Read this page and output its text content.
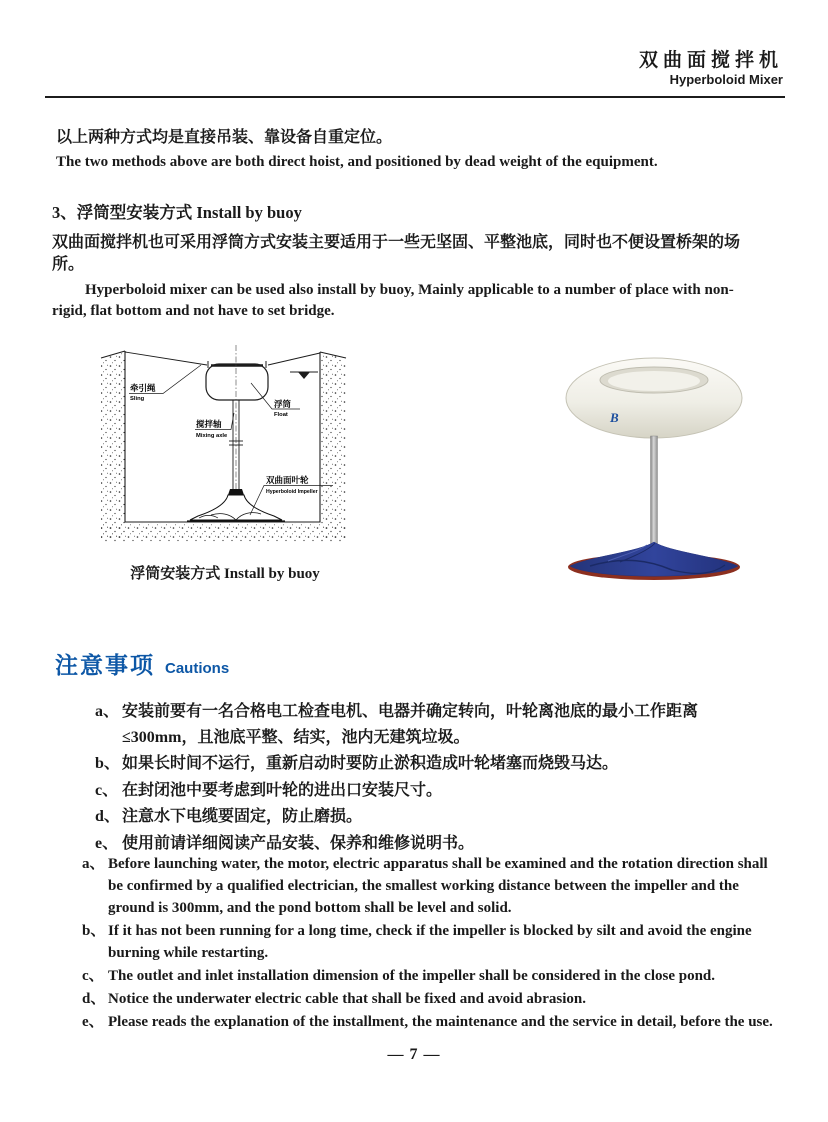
双曲面搅拌机
Hyperboloid Mixer
以上两种方式均是直接吊装、靠设备自重定位。
The two methods above are both direct hoist, and positioned by dead weight of the equipment.
3、浮筒型安装方式 Install by buoy
双曲面搅拌机也可采用浮筒方式安装主要适用于一些无坚固、平整池底，同时也不便设置桥架的场所。
Hyperboloid mixer can be used also install by buoy, Mainly applicable to a number of place with non-rigid, flat bottom and not have to set bridge.
牵引绳
Sling	浮筒
Float
搅拌轴
Mixing axle
双曲面叶轮
Hyperboloid Impeller
浮筒安装方式 Install by buoy
B
注意事项 Cautions
a、 安装前要有一名合格电工检查电机、电器并确定转向，叶轮离池底的最小工作距离≤300mm，且池底平整、结实，池内无建筑垃圾。
b、 如果长时间不运行，重新启动时要防止淤积造成叶轮堵塞而烧毁马达。
c、 在封闭池中要考虑到叶轮的进出口安装尺寸。
d、 注意水下电缆要固定，防止磨损。
e、 使用前请详细阅读产品安装、保养和维修说明书。
a、 Before launching water, the motor, electric apparatus shall be examined and the rotation direction shall be confirmed by a qualified electrician, the smallest working distance between the impeller and the ground is 300mm, and the pond bottom shall be level and solid.
b、 If it has not been running for a long time, check if the impeller is blocked by silt and avoid the engine burning while restarting.
c、 The outlet and inlet installation dimension of the impeller shall be considered in the close pond.
d、 Notice the underwater electric cable that shall be fixed and avoid abrasion.
e、 Please reads the explanation of the installment, the maintenance and the service in detail, before the use.
— 7 —
